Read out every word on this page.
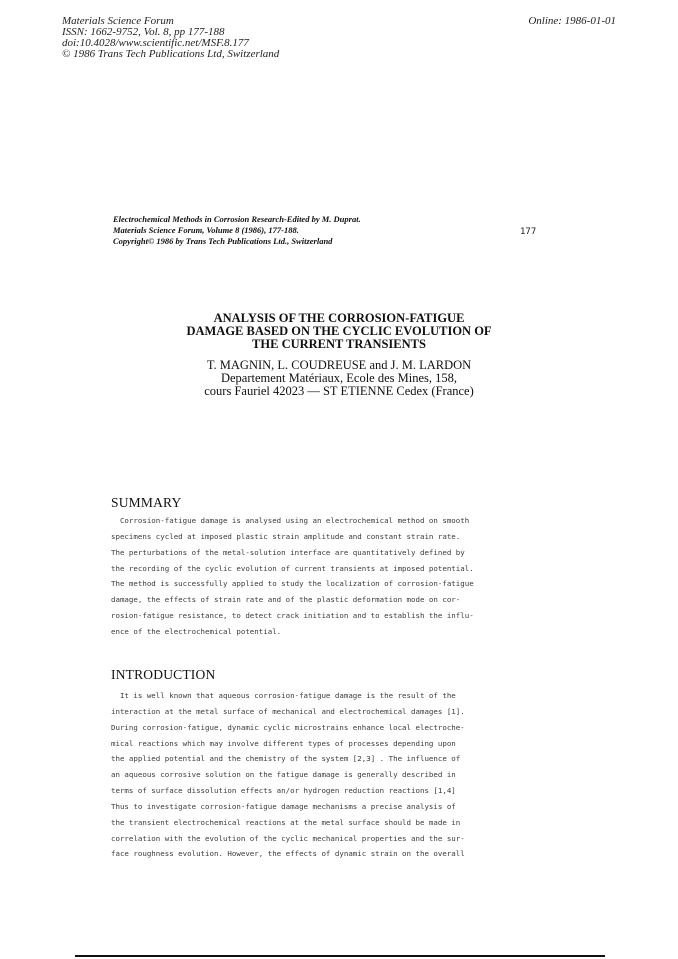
Materials Science Forum
ISSN: 1662-9752, Vol. 8, pp 177-188
doi:10.4028/www.scientific.net/MSF.8.177
© 1986 Trans Tech Publications Ltd, Switzerland
Online: 1986-01-01
Electrochemical Methods in Corrosion Research-Edited by M. Duprat.
Materials Science Forum, Volume 8 (1986), 177-188.
Copyright© 1986 by Trans Tech Publications Ltd., Switzerland
177
ANALYSIS OF THE CORROSION-FATIGUE
DAMAGE BASED ON THE CYCLIC EVOLUTION OF
THE CURRENT TRANSIENTS
T. MAGNIN, L. COUDREUSE and J. M. LARDON
Departement Matériaux, Ecole des Mines, 158,
cours Fauriel 42023 — ST ETIENNE Cedex (France)
SUMMARY
Corrosion-fatigue damage is analysed using an electrochemical method on smooth
specimens cycled at imposed plastic strain amplitude and constant strain rate.
The perturbations of the metal-solution interface are quantitatively defined by
the recording of the cyclic evolution of current transients at imposed potential.
The method is successfully applied to study the localization of corrosion-fatigue
damage, the effects of strain rate and of the plastic deformation mode on cor-
rosion-fatigue resistance, to detect crack initiation and to establish the influ-
ence of the electrochemical potential.
INTRODUCTION
It is well known that aqueous corrosion-fatigue damage is the result of the
interaction at the metal surface of mechanical and electrochemical damages [1].
During corrosion-fatigue, dynamic cyclic microstrains enhance local electroche-
mical reactions which may involve different types of processes depending upon
the applied potential and the chemistry of the system [2,3] . The influence of
an aqueous corrosive solution on the fatigue damage is generally described in
terms of surface dissolution effects an/or hydrogen reduction reactions [1,4]
Thus to investigate corrosion-fatigue damage mechanisms a precise analysis of
the transient electrochemical reactions at the metal surface should be made in
correlation with the evolution of the cyclic mechanical properties and the sur-
face roughness evolution. However, the effects of dynamic strain on the overall
